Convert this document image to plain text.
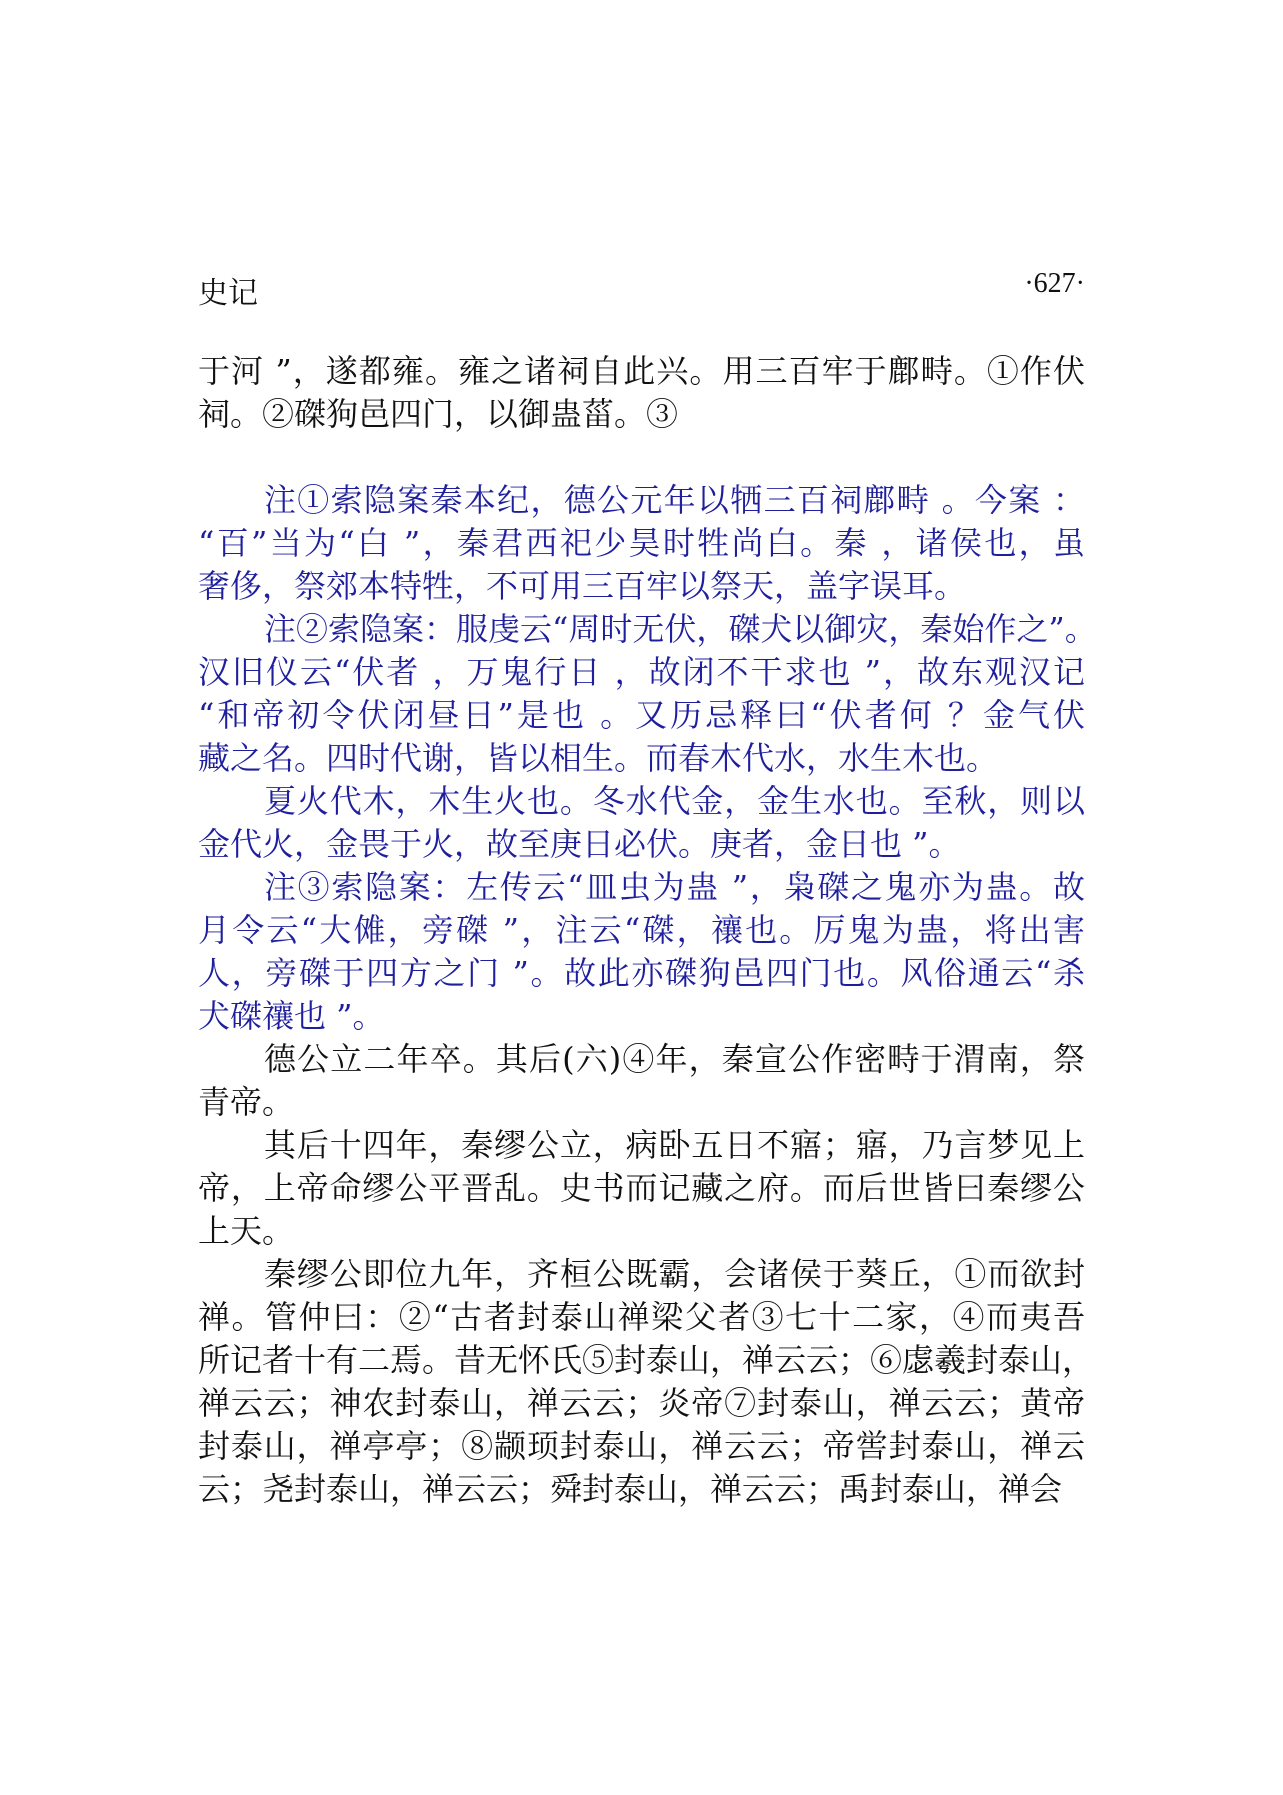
史记	·627·
于河 ”，遂都雍。雍之诸祠自此兴。用三百牢于鄜畤。①作伏
祠。②磔狗邑四门，以御蛊菑。③
注①索隐案秦本纪，德公元年以牺三百祠鄜畤 。今案 ：
“百”当为“白 ”，秦君西祀少昊时牲尚白。秦 ，诸侯也，虽
奢侈，祭郊本特牲，不可用三百牢以祭天，盖字误耳。
注②索隐案：服虔云“周时无伏，磔犬以御灾，秦始作之”。
汉旧仪云“伏者 ，万鬼行日 ，故闭不干求也 ”，故东观汉记
“和帝初令伏闭昼日”是也 。又历忌释曰“伏者何 ？金气伏
藏之名。四时代谢，皆以相生。而春木代水，水生木也。
夏火代木，木生火也。冬水代金，金生水也。至秋，则以
金代火，金畏于火，故至庚日必伏。庚者，金日也 ”。
注③索隐案：左传云“皿虫为蛊 ”，枭磔之鬼亦为蛊。故
月令云“大傩，旁磔 ”，注云“磔，禳也。厉鬼为蛊，将出害
人，旁磔于四方之门 ”。故此亦磔狗邑四门也。风俗通云“杀
犬磔禳也 ”。
德公立二年卒。其后(六)④年，秦宣公作密畤于渭南，祭
青帝。
其后十四年，秦缪公立，病卧五日不寤；寤，乃言梦见上
帝，上帝命缪公平晋乱。史书而记藏之府。而后世皆曰秦缪公
上天。
秦缪公即位九年，齐桓公既霸，会诸侯于葵丘，①而欲封
禅。管仲曰：②“古者封泰山禅梁父者③七十二家，④而夷吾
所记者十有二焉。昔无怀氏⑤封泰山，禅云云；⑥虙羲封泰山，
禅云云；神农封泰山，禅云云；炎帝⑦封泰山，禅云云；黄帝
封泰山，禅亭亭；⑧颛顼封泰山，禅云云；帝喾封泰山，禅云
云；尧封泰山，禅云云；舜封泰山，禅云云；禹封泰山，禅会
